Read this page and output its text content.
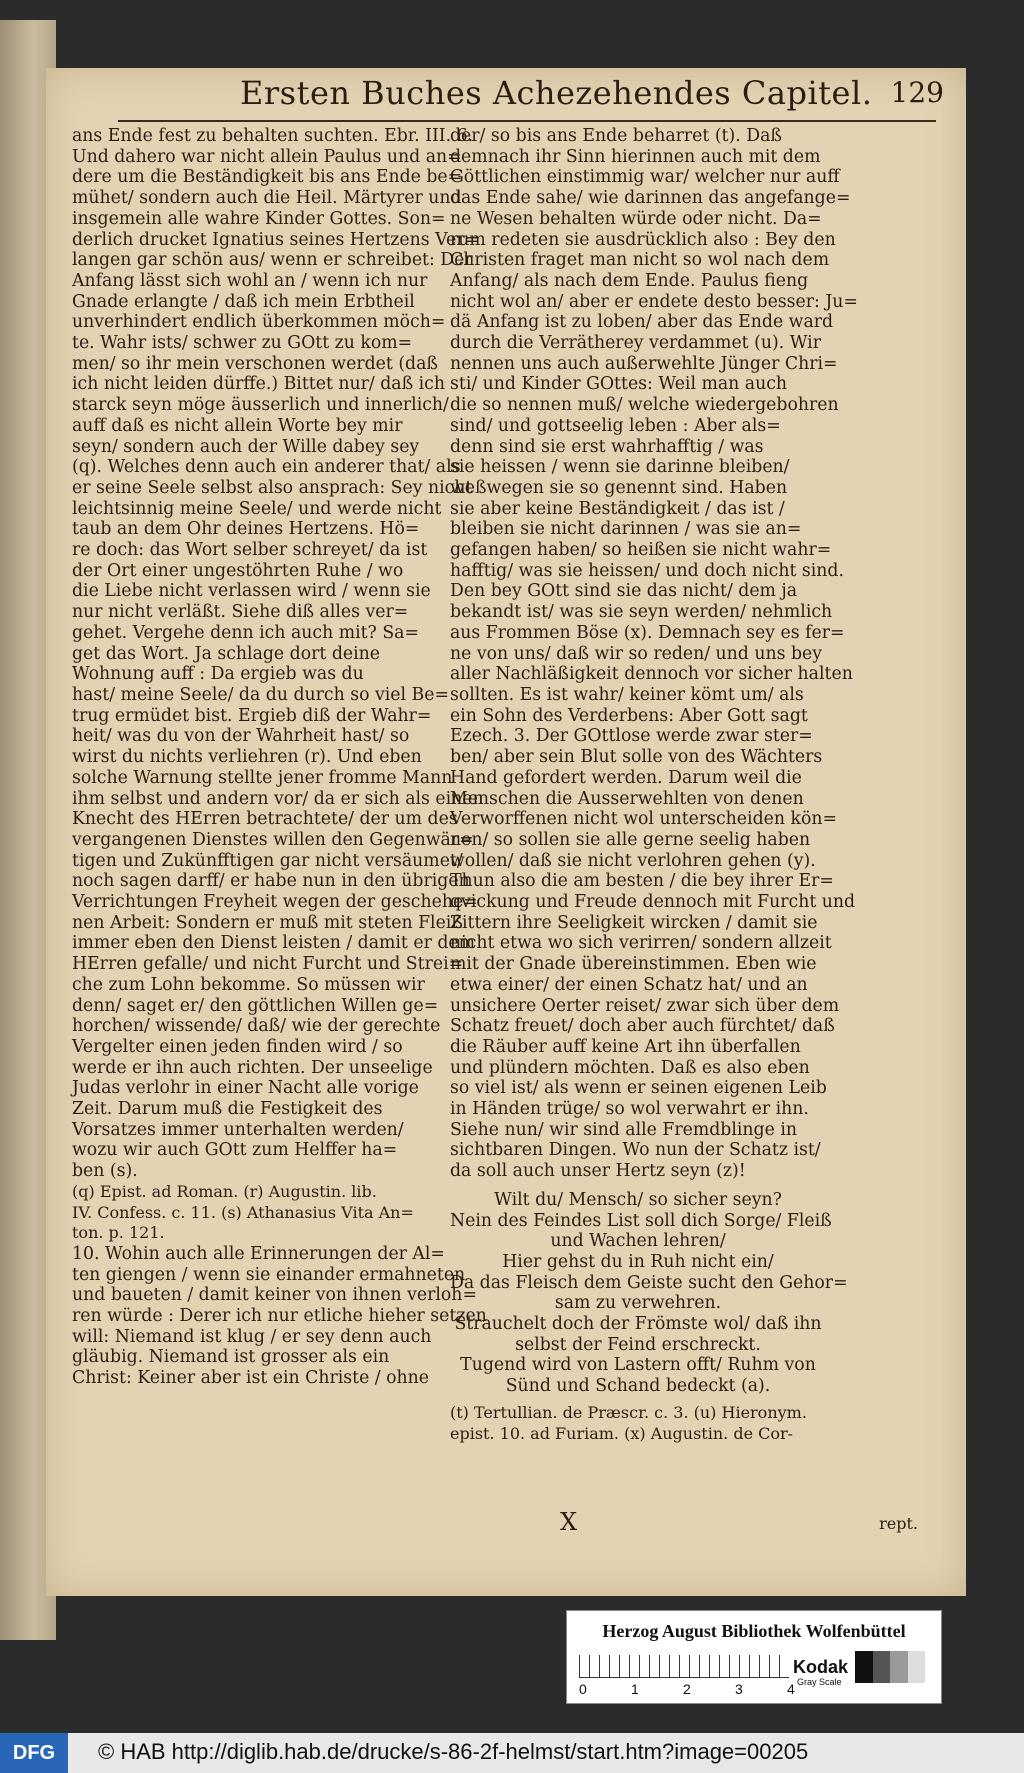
Ersten Buches Achezehendes Capitel. 129
ans Ende fest zu behalten suchten. Ebr. III. 6.
Und dahero war nicht allein Paulus und an=
dere um die Beständigkeit bis ans Ende be=
mühet/ sondern auch die Heil. Märtyrer und
insgemein alle wahre Kinder Gottes. Son=
derlich drucket Ignatius seines Hertzens Ver=
langen gar schön aus/ wenn er schreibet: Der
Anfang lässt sich wohl an / wenn ich nur
Gnade erlangte / daß ich mein Erbtheil
unverhindert endlich überkommen möch=
te. Wahr ists/ schwer zu GOtt zu kom=
men/ so ihr mein verschonen werdet (daß
ich nicht leiden dürffe.) Bittet nur/ daß ich
starck seyn möge äusserlich und innerlich/
auff daß es nicht allein Worte bey mir
seyn/ sondern auch der Wille dabey sey
(q). Welches denn auch ein anderer that/ als
er seine Seele selbst also ansprach: Sey nicht
leichtsinnig meine Seele/ und werde nicht
taub an dem Ohr deines Hertzens. Hö=
re doch: das Wort selber schreyet/ da ist
der Ort einer ungestöhrten Ruhe / wo
die Liebe nicht verlassen wird / wenn sie
nur nicht verläßt. Siehe diß alles ver=
gehet. Vergehe denn ich auch mit? Sa=
get das Wort. Ja schlage dort deine
Wohnung auff : Da ergieb was du
hast/ meine Seele/ da du durch so viel Be=
trug ermüdet bist. Ergieb diß der Wahr=
heit/ was du von der Wahrheit hast/ so
wirst du nichts verliehren (r). Und eben
solche Warnung stellte jener fromme Mann
ihm selbst und andern vor/ da er sich als einen
Knecht des HErren betrachtete/ der um des
vergangenen Dienstes willen den Gegenwär=
tigen und Zukünfftigen gar nicht versäumet/
noch sagen darff/ er habe nun in den übrigen
Verrichtungen Freyheit wegen der geschehe=
nen Arbeit: Sondern er muß mit steten Fleiß
immer eben den Dienst leisten / damit er dem
HErren gefalle/ und nicht Furcht und Strei=
che zum Lohn bekomme. So müssen wir
denn/ saget er/ den göttlichen Willen ge=
horchen/ wissende/ daß/ wie der gerechte
Vergelter einen jeden finden wird / so
werde er ihn auch richten. Der unseelige
Judas verlohr in einer Nacht alle vorige
Zeit. Darum muß die Festigkeit des
Vorsatzes immer unterhalten werden/
wozu wir auch GOtt zum Helffer ha=
ben (s).
(q) Epist. ad Roman. (r) Augustin. lib.
IV. Confess. c. 11. (s) Athanasius Vita An=
ton. p. 121.
10. Wohin auch alle Erinnerungen der Al=
ten giengen / wenn sie einander ermahneten
und baueten / damit keiner von ihnen verloh=
ren würde : Derer ich nur etliche hieher setzen
will: Niemand ist klug / er sey denn auch
gläubig. Niemand ist grosser als ein
Christ: Keiner aber ist ein Christe / ohne
der/ so bis ans Ende beharret (t). Daß
demnach ihr Sinn hierinnen auch mit dem
Göttlichen einstimmig war/ welcher nur auff
das Ende sahe/ wie darinnen das angefange=
ne Wesen behalten würde oder nicht. Da=
rum redeten sie ausdrücklich also : Bey den
Christen fraget man nicht so wol nach dem
Anfang/ als nach dem Ende. Paulus fieng
nicht wol an/ aber er endete desto besser: Ju=
dä Anfang ist zu loben/ aber das Ende ward
durch die Verrätherey verdammet (u). Wir
nennen uns auch außerwehlte Jünger Chri=
sti/ und Kinder GOttes: Weil man auch
die so nennen muß/ welche wiedergebohren
sind/ und gottseelig leben : Aber als=
denn sind sie erst wahrhafftig / was
sie heissen / wenn sie darinne bleiben/
weßwegen sie so genennt sind. Haben
sie aber keine Beständigkeit / das ist /
bleiben sie nicht darinnen / was sie an=
gefangen haben/ so heißen sie nicht wahr=
hafftig/ was sie heissen/ und doch nicht sind.
Den bey GOtt sind sie das nicht/ dem ja
bekandt ist/ was sie seyn werden/ nehmlich
aus Frommen Böse (x). Demnach sey es fer=
ne von uns/ daß wir so reden/ und uns bey
aller Nachläßigkeit dennoch vor sicher halten
sollten. Es ist wahr/ keiner kömt um/ als
ein Sohn des Verderbens: Aber Gott sagt
Ezech. 3. Der GOttlose werde zwar ster=
ben/ aber sein Blut solle von des Wächters
Hand gefordert werden. Darum weil die
Menschen die Ausserwehlten von denen
Verworffenen nicht wol unterscheiden kön=
nen/ so sollen sie alle gerne seelig haben
wollen/ daß sie nicht verlohren gehen (y).
Thun also die am besten / die bey ihrer Er=
qvickung und Freude dennoch mit Furcht und
Zittern ihre Seeligkeit wircken / damit sie
nicht etwa wo sich verirren/ sondern allzeit
mit der Gnade übereinstimmen. Eben wie
etwa einer/ der einen Schatz hat/ und an
unsichere Oerter reiset/ zwar sich über dem
Schatz freuet/ doch aber auch fürchtet/ daß
die Räuber auff keine Art ihn überfallen
und plündern möchten. Daß es also eben
so viel ist/ als wenn er seinen eigenen Leib
in Händen trüge/ so wol verwahrt er ihn.
Siehe nun/ wir sind alle Fremdblinge in
sichtbaren Dingen. Wo nun der Schatz ist/
da soll auch unser Hertz seyn (z)!
Wilt du/ Mensch/ so sicher seyn?
Nein des Feindes List soll dich Sorge/ Fleiß
und Wachen lehren/
Hier gehst du in Ruh nicht ein/
Da das Fleisch dem Geiste sucht den Gehor=
sam zu verwehren.
Strauchelt doch der Frömste wol/ daß ihn
selbst der Feind erschreckt.
Tugend wird von Lastern offt/ Ruhm von
Sünd und Schand bedeckt (a).
(t) Tertullian. de Præscr. c. 3. (u) Hieronym.
epist. 10. ad Furiam. (x) Augustin. de Cor-
X	rept.
Herzog August Bibliothek Wolfenbüttel
0	1	2	3	4
Kodak
Gray Scale
DFG	© HAB http://diglib.hab.de/drucke/s-86-2f-helmst/start.htm?image=00205
